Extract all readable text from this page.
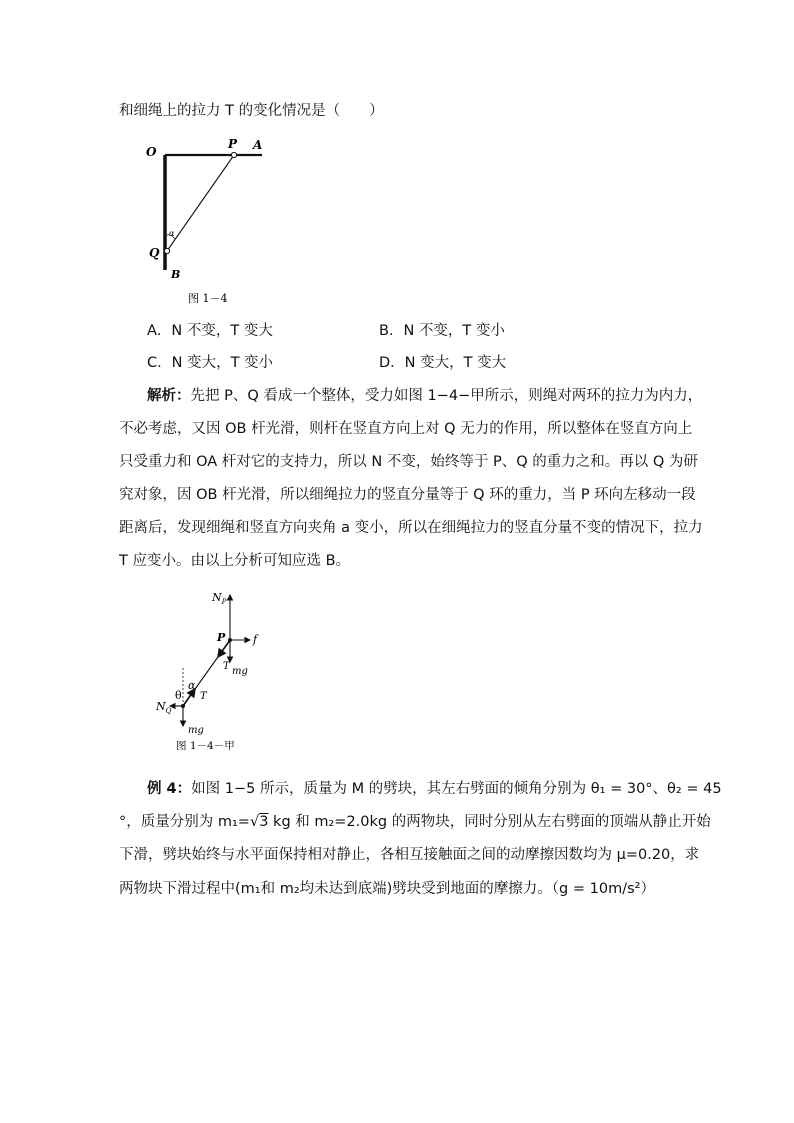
和细绳上的拉力 T 的变化情况是（　　）
O
P A
Q
B
α
图 1－4
A．N 不变，T 变大	B．N 不变，T 变小
C．N 变大，T 变小	D．N 变大，T 变大
解析：先把 P、Q 看成一个整体，受力如图 1−4−甲所示，则绳对两环的拉力为内力，
不必考虑，又因 OB 杆光滑，则杆在竖直方向上对 Q 无力的作用，所以整体在竖直方向上
只受重力和 OA 杆对它的支持力，所以 N 不变，始终等于 P、Q 的重力之和。再以 Q 为研
究对象，因 OB 杆光滑，所以细绳拉力的竖直分量等于 Q 环的重力，当 P 环向左移动一段
距离后，发现细绳和竖直方向夹角 a 变小，所以在细绳拉力的竖直分量不变的情况下，拉力
T 应变小。由以上分析可知应选 B。
$N_P$
P	f
T mg
α
θ T
$N_Q$
mg
图 1－4－甲
例 4：如图 1−5 所示，质量为 M 的劈块，其左右劈面的倾角分别为 θ₁ = 30°、θ₂ = 45
°，质量分别为 m₁=√3 kg 和 m₂=2.0kg 的两物块，同时分别从左右劈面的顶端从静止开始
下滑，劈块始终与水平面保持相对静止，各相互接触面之间的动摩擦因数均为 μ=0.20，求
两物块下滑过程中(m₁和 m₂均未达到底端)劈块受到地面的摩擦力。（g = 10m/s²）
